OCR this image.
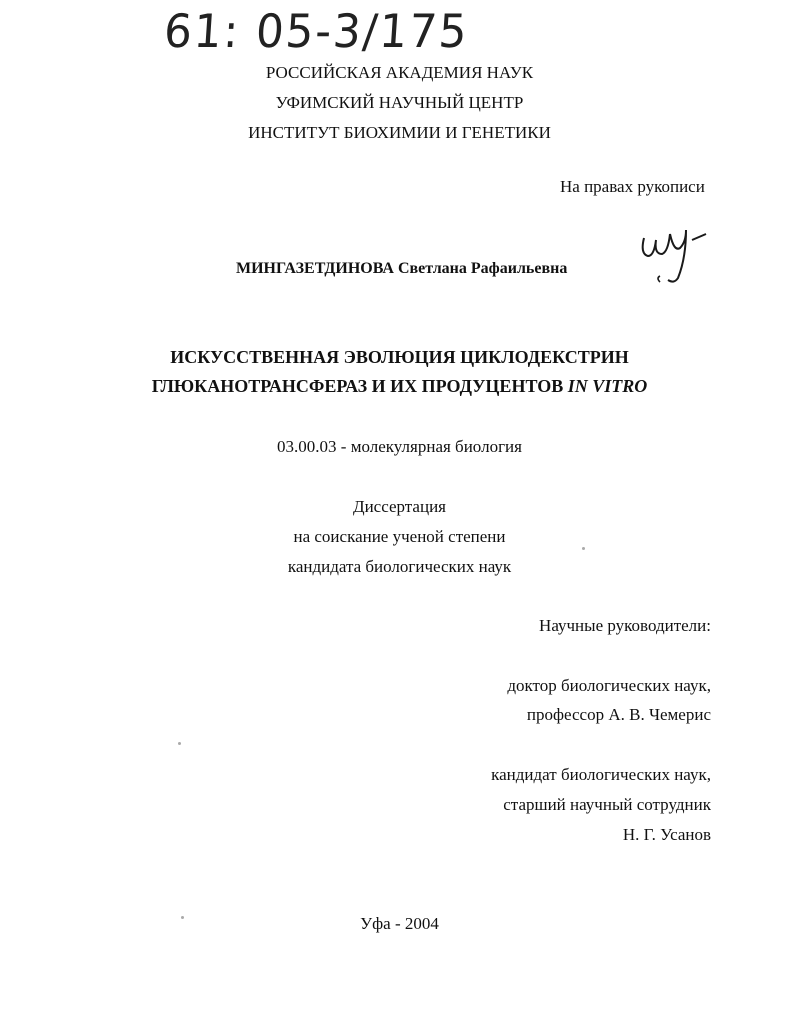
61: 05-3/175
РОССИЙСКАЯ АКАДЕМИЯ НАУК
УФИМСКИЙ НАУЧНЫЙ ЦЕНТР
ИНСТИТУТ БИОХИМИИ И ГЕНЕТИКИ
На правах рукописи
МИНГАЗЕТДИНОВА Светлана Рафаильевна
ИСКУССТВЕННАЯ ЭВОЛЮЦИЯ ЦИКЛОДЕКСТРИН
ГЛЮКАНОТРАНСФЕРАЗ И ИХ ПРОДУЦЕНТОВ IN VITRO
03.00.03 - молекулярная биология
Диссертация
на соискание ученой степени
кандидата биологических наук
Научные руководители:
доктор биологических наук,
профессор А. В. Чемерис
кандидат биологических наук,
старший научный сотрудник
Н. Г. Усанов
Уфа - 2004
